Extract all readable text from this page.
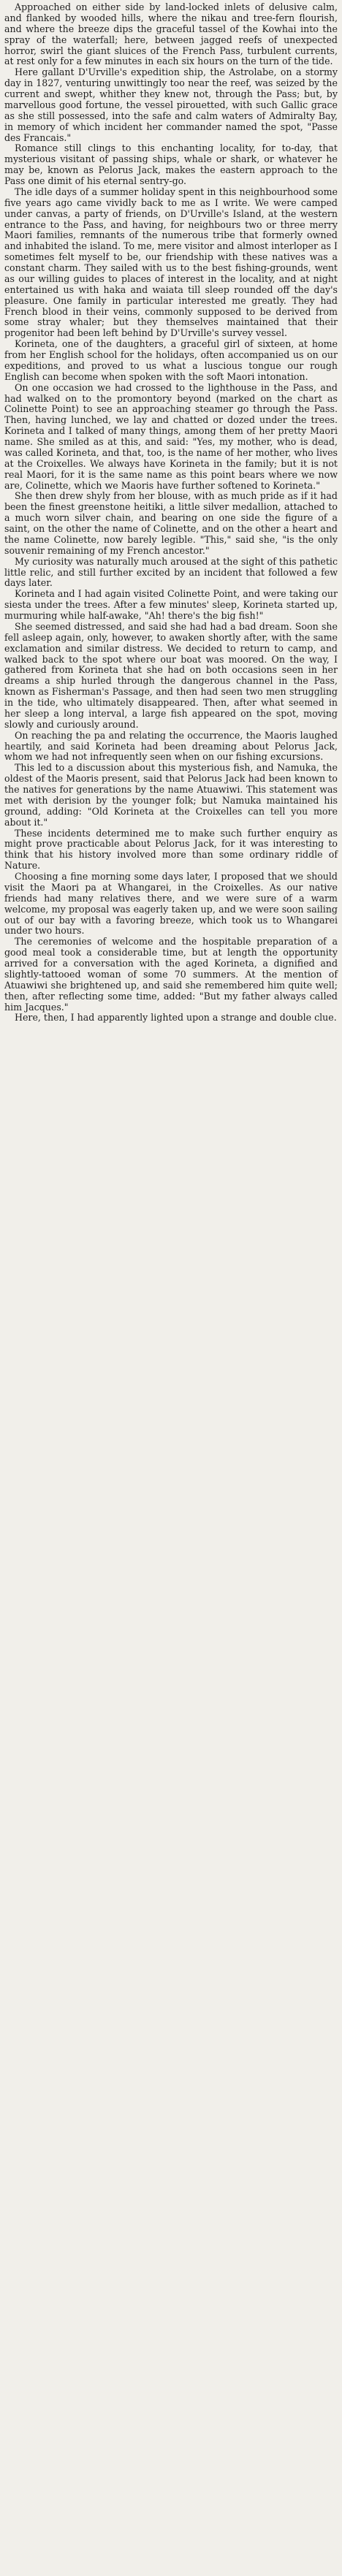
Approached on either side by land-locked inlets of delusive calm, and flanked by wooded hills, where the nikau and tree-fern flourish, and where the breeze dips the graceful tassel of the Kowhai into the spray of the waterfall; here, between jagged reefs of unexpected horror, swirl the giant sluices of the French Pass, turbulent currents, at rest only for a few minutes in each six hours on the turn of the tide.

Here gallant D'Urville's expedition ship, the Astrolabe, on a stormy day in 1827, venturing unwittingly too near the reef, was seized by the current and swept, whither they knew not, through the Pass; but, by marvellous good fortune, the vessel pirouetted, with such Gallic grace as she still possessed, into the safe and calm waters of Admiralty Bay, in memory of which incident her commander named the spot, "Passe des Francais."

Romance still clings to this enchanting locality, for to-day, that mysterious visitant of passing ships, whale or shark, or whatever he may be, known as Pelorus Jack, makes the eastern approach to the Pass one dimit of his eternal sentry-go.

The idle days of a summer holiday spent in this neighbourhood some five years ago came vividly back to me as I write. We were camped under canvas, a party of friends, on D'Urville's Island, at the western entrance to the Pass, and having, for neighbours two or three merry Maori families, remnants of the numerous tribe that formerly owned and inhabited the island. To me, mere visitor and almost interloper as I sometimes felt myself to be, our friendship with these natives was a constant charm. They sailed with us to the best fishing-grounds, went as our willing guides to places of interest in the locality, and at night entertained us with haka and waiata till sleep rounded off the day's pleasure. One family in particular interested me greatly. They had French blood in their veins, commonly supposed to be derived from some stray whaler; but they themselves maintained that their progenitor had been left behind by D'Urville's survey vessel.

Korineta, one of the daughters, a graceful girl of sixteen, at home from her English school for the holidays, often accompanied us on our expeditions, and proved to us what a luscious tongue our rough English can become when spoken with the soft Maori intonation.

On one occasion we had crossed to the lighthouse in the Pass, and had walked on to the promontory beyond (marked on the chart as Colinette Point) to see an approaching steamer go through the Pass. Then, having lunched, we lay and chatted or dozed under the trees. Korineta and I talked of many things, among them of her pretty Maori name. She smiled as at this, and said: "Yes, my mother, who is dead, was called Korineta, and that, too, is the name of her mother, who lives at the Croixelles. We always have Korineta in the family; but it is not real Maori, for it is the same name as this point bears where we now are, Colinette, which we Maoris have further softened to Korineta."

She then drew shyly from her blouse, with as much pride as if it had been the finest greenstone heitiki, a little silver medallion, attached to a much worn silver chain, and bearing on one side the figure of a saint, on the other the name of Colinette, and on the other a heart and the name Colinette, now barely legible. "This," said she, "is the only souvenir remaining of my French ancestor."

My curiosity was naturally much aroused at the sight of this pathetic little relic, and still further excited by an incident that followed a few days later.

Korineta and I had again visited Colinette Point, and were taking our siesta under the trees. After a few minutes' sleep, Korineta started up, murmuring while half-awake, "Ah! there's the big fish!"

She seemed distressed, and said she had had a bad dream. Soon she fell asleep again, only, however, to awaken shortly after, with the same exclamation and similar distress. We decided to return to camp, and walked back to the spot where our boat was moored. On the way, I gathered from Korineta that she had on both occasions seen in her dreams a ship hurled through the dangerous channel in the Pass, known as Fisherman's Passage, and then had seen two men struggling in the tide, who ultimately disappeared. Then, after what seemed in her sleep a long interval, a large fish appeared on the spot, moving slowly and curiously around.

On reaching the pa and relating the occurrence, the Maoris laughed heartily, and said Korineta had been dreaming about Pelorus Jack, whom we had not infrequently seen when on our fishing excursions.

This led to a discussion about this mysterious fish, and Namuka, the oldest of the Maoris present, said that Pelorus Jack had been known to the natives for generations by the name Atuawiwi. This statement was met with derision by the younger folk; but Namuka maintained his ground, adding: "Old Korineta at the Croixelles can tell you more about it."

These incidents determined me to make such further enquiry as might prove practicable about Pelorus Jack, for it was interesting to think that his history involved more than some ordinary riddle of Nature.

Choosing a fine morning some days later, I proposed that we should visit the Maori pa at Whangarei, in the Croixelles. As our native friends had many relatives there, and we were sure of a warm welcome, my proposal was eagerly taken up, and we were soon sailing out of our bay with a favoring breeze, which took us to Whangarei under two hours.

The ceremonies of welcome and the hospitable preparation of a good meal took a considerable time, but at length the opportunity arrived for a conversation with the aged Korineta, a dignified and slightly-tattooed woman of some 70 summers. At the mention of Atuawiwi she brightened up, and said she remembered him quite well; then, after reflecting some time, added: "But my father always called him Jacques."

Here, then, I had apparently lighted upon a strange and double clue.
